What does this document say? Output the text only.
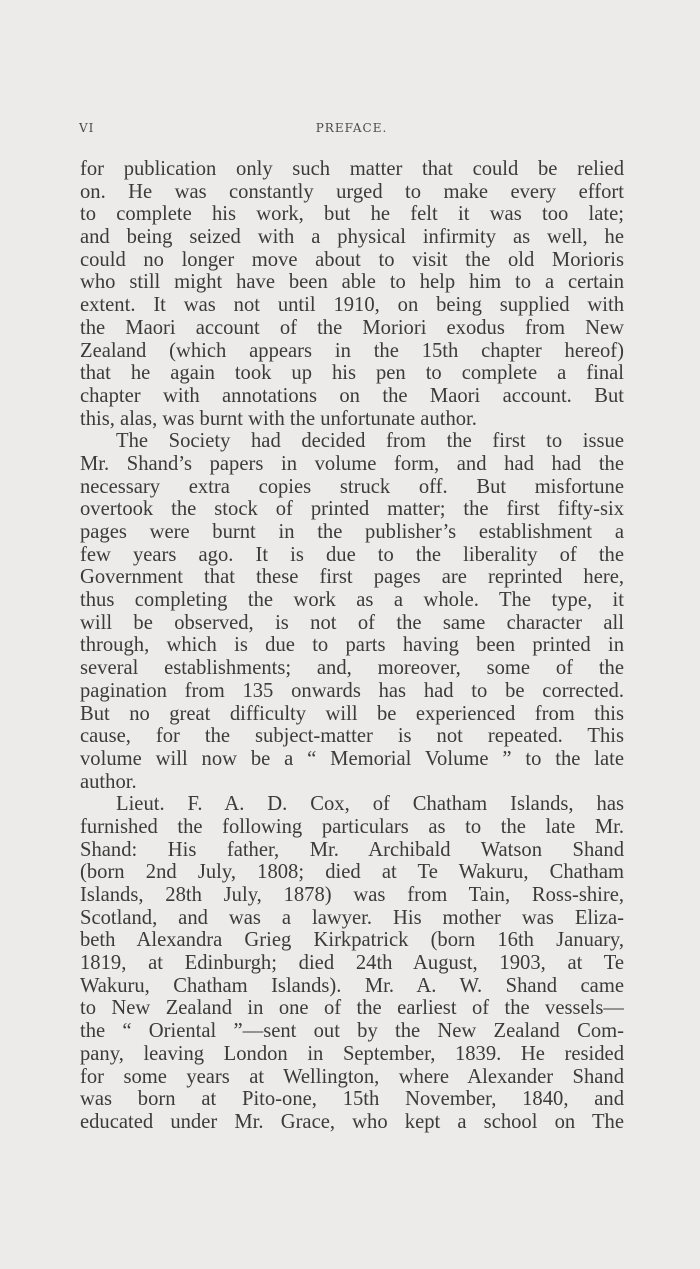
VI	PREFACE.
for publication only such matter that could be relied
on. He was constantly urged to make every effort
to complete his work, but he felt it was too late;
and being seized with a physical infirmity as well, he
could no longer move about to visit the old Morioris
who still might have been able to help him to a certain
extent. It was not until 1910, on being supplied with
the Maori account of the Moriori exodus from New
Zealand (which appears in the 15th chapter hereof)
that he again took up his pen to complete a final
chapter with annotations on the Maori account. But
this, alas, was burnt with the unfortunate author.
The Society had decided from the first to issue
Mr. Shand’s papers in volume form, and had had the
necessary extra copies struck off. But misfortune
overtook the stock of printed matter; the first fifty-six
pages were burnt in the publisher’s establishment a
few years ago. It is due to the liberality of the
Government that these first pages are reprinted here,
thus completing the work as a whole. The type, it
will be observed, is not of the same character all
through, which is due to parts having been printed in
several establishments; and, moreover, some of the
pagination from 135 onwards has had to be corrected.
But no great difficulty will be experienced from this
cause, for the subject-matter is not repeated. This
volume will now be a “ Memorial Volume ” to the late
author.
Lieut. F. A. D. Cox, of Chatham Islands, has
furnished the following particulars as to the late Mr.
Shand: His father, Mr. Archibald Watson Shand
(born 2nd July, 1808; died at Te Wakuru, Chatham
Islands, 28th July, 1878) was from Tain, Ross-shire,
Scotland, and was a lawyer. His mother was Eliza-
beth Alexandra Grieg Kirkpatrick (born 16th January,
1819, at Edinburgh; died 24th August, 1903, at Te
Wakuru, Chatham Islands). Mr. A. W. Shand came
to New Zealand in one of the earliest of the vessels—
the “ Oriental ”—sent out by the New Zealand Com-
pany, leaving London in September, 1839. He resided
for some years at Wellington, where Alexander Shand
was born at Pito-one, 15th November, 1840, and
educated under Mr. Grace, who kept a school on The
